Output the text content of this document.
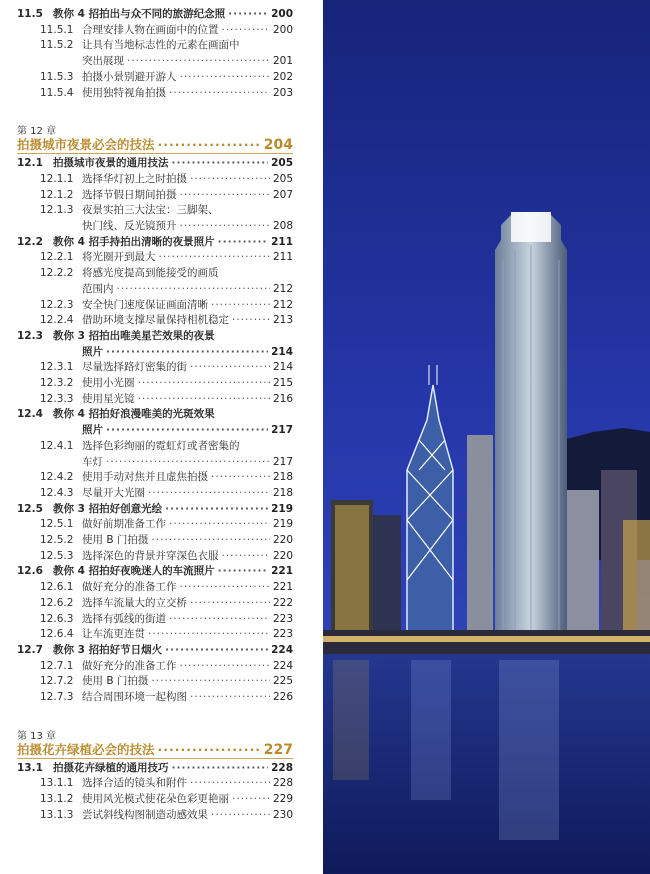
11.5 教你 4 招拍出与众不同的旅游纪念照 ·····	200
11.5.1 合理安排人物在画面中的位置 ·····	200
11.5.2 让具有当地标志性的元素在画面中
突出展现 ·····	201
11.5.3 拍摄小景别避开游人 ·····	202
11.5.4 使用独特视角拍摄 ·····	203
第 12 章
拍摄城市夜景必会的技法 ·····	204
12.1 拍摄城市夜景的通用技法 ·····	205
12.1.1 选择华灯初上之时拍摄 ·····	205
12.1.2 选择节假日期间拍摄 ·····	207
12.1.3 夜景实拍三大法宝：三脚架、
快门线、反光镜预升 ·····	208
12.2 教你 4 招手持拍出清晰的夜景照片 ·····	211
12.2.1 将光圈开到最大 ·····	211
12.2.2 将感光度提高到能接受的画质
范围内 ·····	212
12.2.3 安全快门速度保证画面清晰 ·····	212
12.2.4 借助环境支撑尽量保持相机稳定 ·····	213
12.3 教你 3 招拍出唯美星芒效果的夜景
照片 ·····	214
12.3.1 尽量选择路灯密集的街 ·····	214
12.3.2 使用小光圈 ·····	215
12.3.3 使用星光镜 ·····	216
12.4 教你 4 招拍好浪漫唯美的光斑效果
照片 ·····	217
12.4.1 选择色彩绚丽的霓虹灯或者密集的
车灯 ·····	217
12.4.2 使用手动对焦并且虚焦拍摄 ·····	218
12.4.3 尽量开大光圈 ·····	218
12.5 教你 3 招拍好创意光绘 ·····	219
12.5.1 做好前期准备工作 ·····	219
12.5.2 使用 B 门拍摄 ·····	220
12.5.3 选择深色的背景并穿深色衣服 ·····	220
12.6 教你 4 招拍好夜晚迷人的车流照片 ·····	221
12.6.1 做好充分的准备工作 ·····	221
12.6.2 选择车流量大的立交桥 ·····	222
12.6.3 选择有弧线的街道 ·····	223
12.6.4 让车流更连贯 ·····	223
12.7 教你 3 招拍好节日烟火 ·····	224
12.7.1 做好充分的准备工作 ·····	224
12.7.2 使用 B 门拍摄 ·····	225
12.7.3 结合周围环境一起构图 ·····	226
第 13 章
拍摄花卉绿植必会的技法 ·····	227
13.1 拍摄花卉绿植的通用技巧 ·····	228
13.1.1 选择合适的镜头和附件 ·····	228
13.1.2 使用风光模式使花朵色彩更艳丽 ·····	229
13.1.3 尝试斜线构图制造动感效果 ·····	230
